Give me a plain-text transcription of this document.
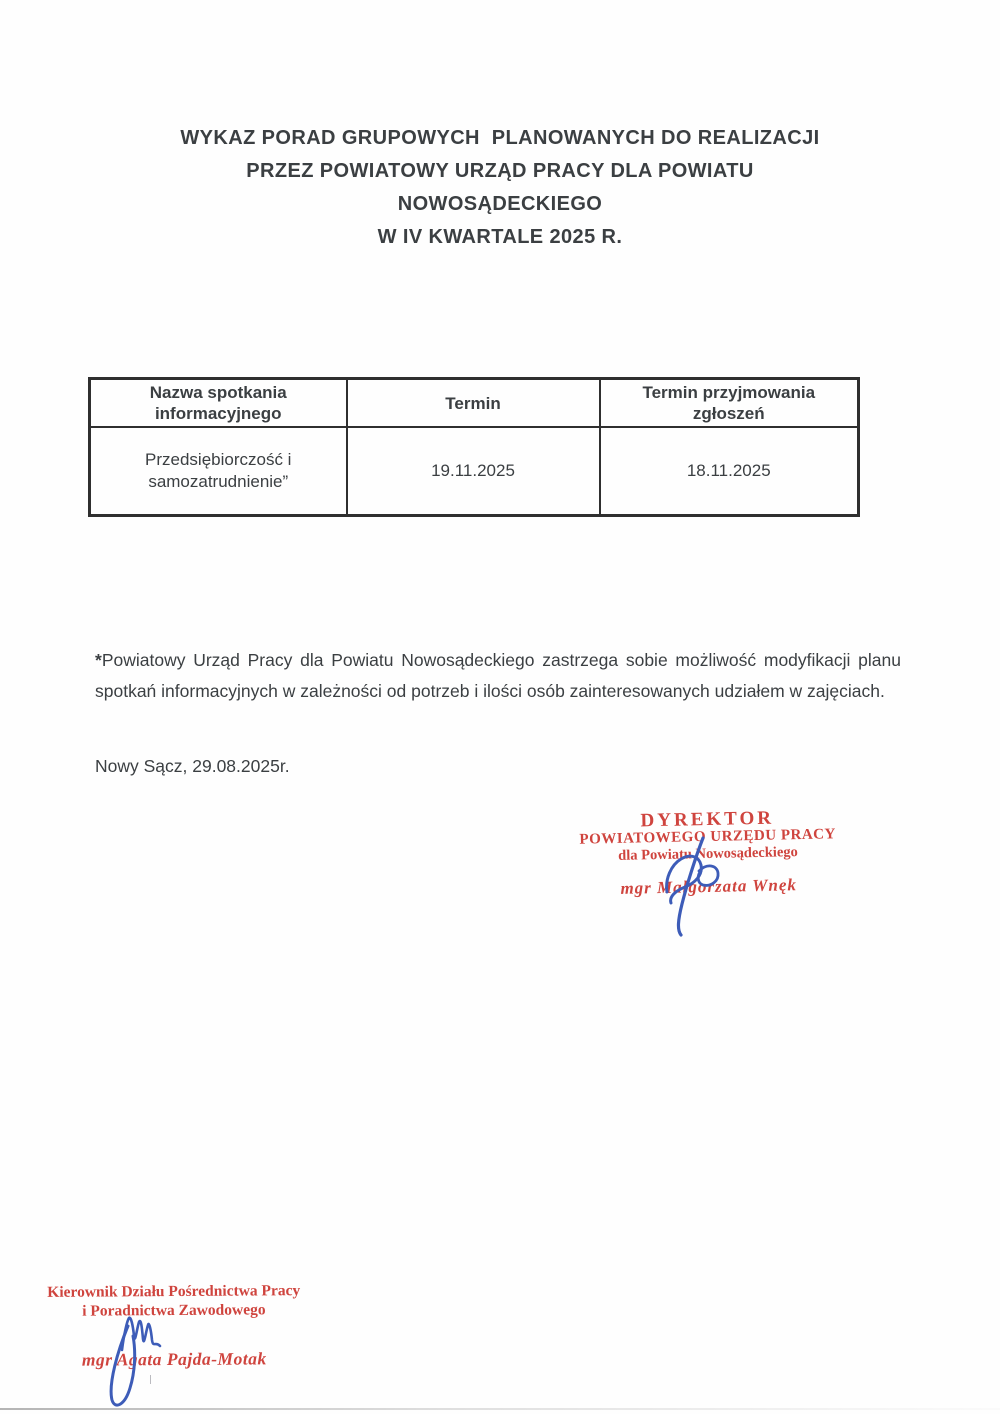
WYKAZ PORAD GRUPOWYCH  PLANOWANYCH DO REALIZACJI
PRZEZ POWIATOWY URZĄD PRACY DLA POWIATU
NOWOSĄDECKIEGO
W IV KWARTALE 2025 R.
Nazwa spotkania informacyjnego	Termin	Termin przyjmowania zgłoszeń
Przedsiębiorczość i samozatrudnienie”	19.11.2025	18.11.2025

*Powiatowy Urząd Pracy dla Powiatu Nowosądeckiego zastrzega sobie możliwość modyfikacji planu spotkań informacyjnych w zależności od potrzeb i ilości osób zainteresowanych udziałem w zajęciach.

Nowy Sącz, 29.08.2025r.
DYREKTOR
POWIATOWEGO URZĘDU PRACY
dla Powiatu Nowosądeckiego
mgr Małgorzata Wnęk
Kierownik Działu Pośrednictwa Pracy
i Poradnictwa Zawodowego
mgr Agata Pajda-Motak
